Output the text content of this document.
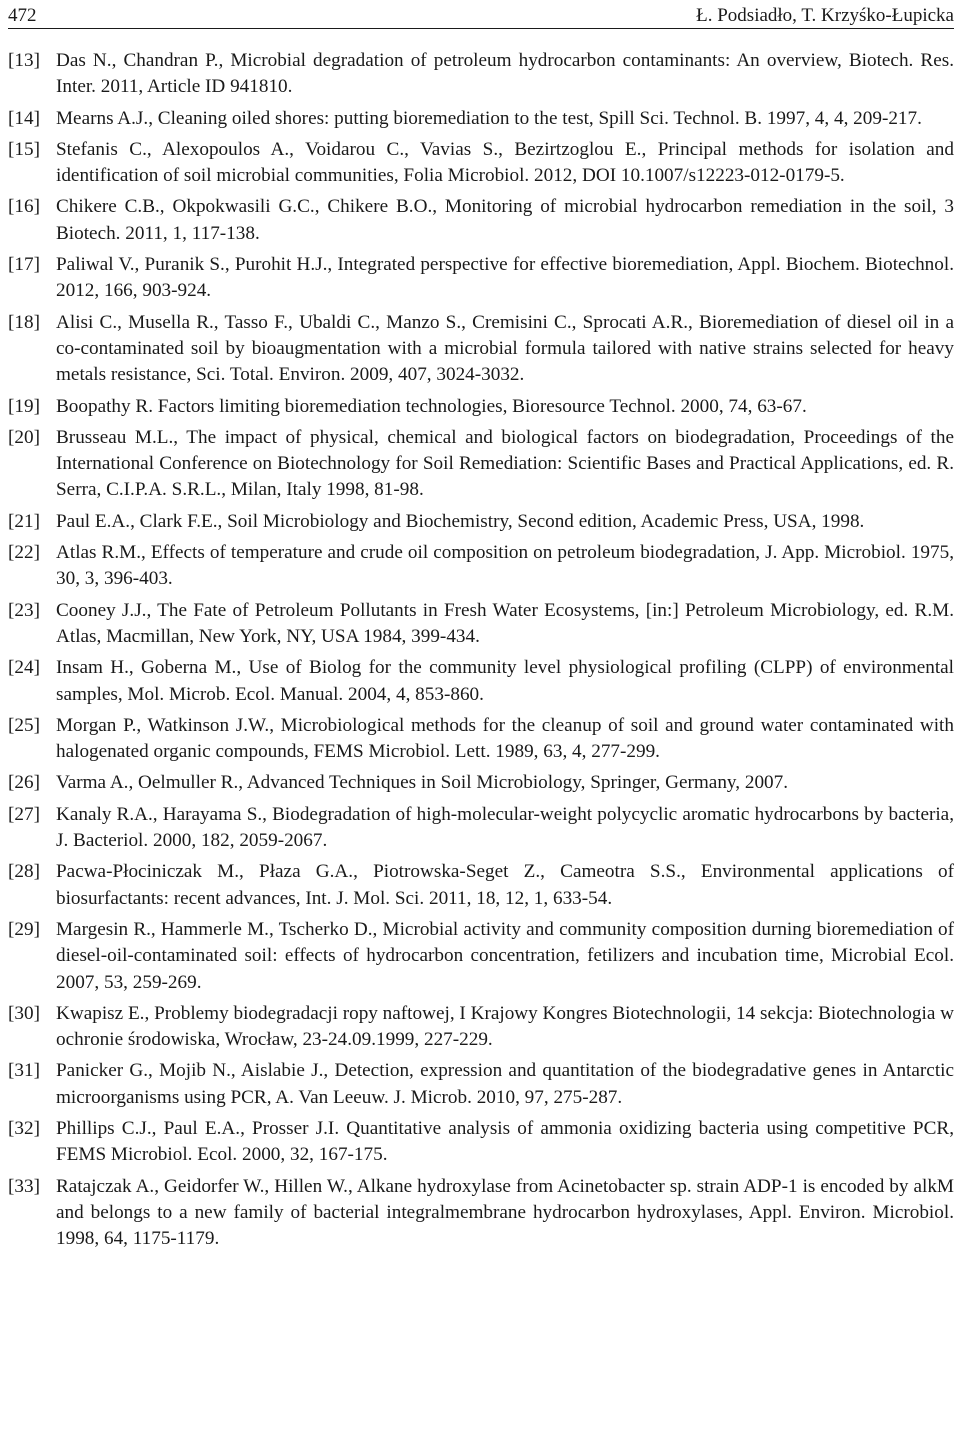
472	Ł. Podsiadło, T. Krzyśko-Łupicka
[13] Das N., Chandran P., Microbial degradation of petroleum hydrocarbon contaminants: An overview, Biotech. Res. Inter. 2011, Article ID 941810.
[14] Mearns A.J., Cleaning oiled shores: putting bioremediation to the test, Spill Sci. Technol. B. 1997, 4, 4, 209-217.
[15] Stefanis C., Alexopoulos A., Voidarou C., Vavias S., Bezirtzoglou E., Principal methods for isolation and identification of soil microbial communities, Folia Microbiol. 2012, DOI 10.1007/s12223-012-0179-5.
[16] Chikere C.B., Okpokwasili G.C., Chikere B.O., Monitoring of microbial hydrocarbon remediation in the soil, 3 Biotech. 2011, 1, 117-138.
[17] Paliwal V., Puranik S., Purohit H.J., Integrated perspective for effective bioremediation, Appl. Biochem. Biotechnol. 2012, 166, 903-924.
[18] Alisi C., Musella R., Tasso F., Ubaldi C., Manzo S., Cremisini C., Sprocati A.R., Bioremediation of diesel oil in a co-contaminated soil by bioaugmentation with a microbial formula tailored with native strains selected for heavy metals resistance, Sci. Total. Environ. 2009, 407, 3024-3032.
[19] Boopathy R. Factors limiting bioremediation technologies, Bioresource Technol. 2000, 74, 63-67.
[20] Brusseau M.L., The impact of physical, chemical and biological factors on biodegradation, Proceedings of the International Conference on Biotechnology for Soil Remediation: Scientific Bases and Practical Applications, ed. R. Serra, C.I.P.A. S.R.L., Milan, Italy 1998, 81-98.
[21] Paul E.A., Clark F.E., Soil Microbiology and Biochemistry, Second edition, Academic Press, USA, 1998.
[22] Atlas R.M., Effects of temperature and crude oil composition on petroleum biodegradation, J. App. Microbiol. 1975, 30, 3, 396-403.
[23] Cooney J.J., The Fate of Petroleum Pollutants in Fresh Water Ecosystems, [in:] Petroleum Microbiology, ed. R.M. Atlas, Macmillan, New York, NY, USA 1984, 399-434.
[24] Insam H., Goberna M., Use of Biolog for the community level physiological profiling (CLPP) of environmental samples, Mol. Microb. Ecol. Manual. 2004, 4, 853-860.
[25] Morgan P., Watkinson J.W., Microbiological methods for the cleanup of soil and ground water contaminated with halogenated organic compounds, FEMS Microbiol. Lett. 1989, 63, 4, 277-299.
[26] Varma A., Oelmuller R., Advanced Techniques in Soil Microbiology, Springer, Germany, 2007.
[27] Kanaly R.A., Harayama S., Biodegradation of high-molecular-weight polycyclic aromatic hydrocarbons by bacteria, J. Bacteriol. 2000, 182, 2059-2067.
[28] Pacwa-Płociniczak M., Płaza G.A., Piotrowska-Seget Z., Cameotra S.S., Environmental applications of biosurfactants: recent advances, Int. J. Mol. Sci. 2011, 18, 12, 1, 633-54.
[29] Margesin R., Hammerle M., Tscherko D., Microbial activity and community composition durning bioremediation of diesel-oil-contaminated soil: effects of hydrocarbon concentration, fetilizers and incubation time, Microbial Ecol. 2007, 53, 259-269.
[30] Kwapisz E., Problemy biodegradacji ropy naftowej, I Krajowy Kongres Biotechnologii, 14 sekcja: Biotechnologia w ochronie środowiska, Wrocław, 23-24.09.1999, 227-229.
[31] Panicker G., Mojib N., Aislabie J., Detection, expression and quantitation of the biodegradative genes in Antarctic microorganisms using PCR, A. Van Leeuw. J. Microb. 2010, 97, 275-287.
[32] Phillips C.J., Paul E.A., Prosser J.I. Quantitative analysis of ammonia oxidizing bacteria using competitive PCR, FEMS Microbiol. Ecol. 2000, 32, 167-175.
[33] Ratajczak A., Geidorfer W., Hillen W., Alkane hydroxylase from Acinetobacter sp. strain ADP-1 is encoded by alkM and belongs to a new family of bacterial integralmembrane hydrocarbon hydroxylases, Appl. Environ. Microbiol. 1998, 64, 1175-1179.
